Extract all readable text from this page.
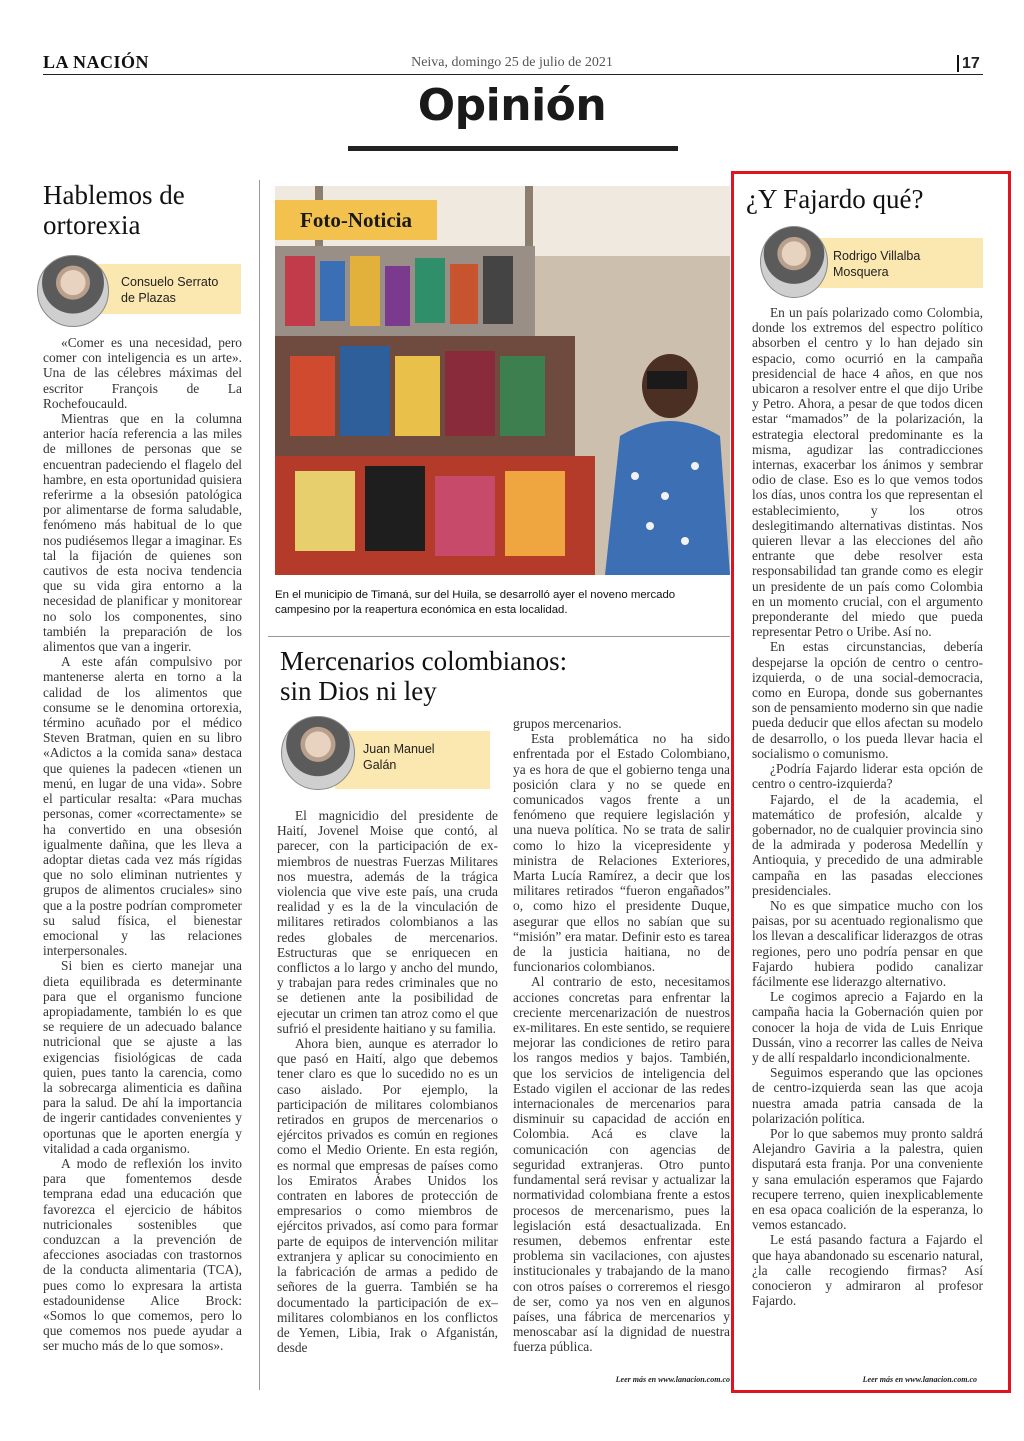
LA NACIÓN	Neiva, domingo 25 de julio de 2021	17
Opinión
Hablemos de
ortorexia
Consuelo Serrato
de Plazas

«Comer es una necesidad, pero comer con inteligencia es un arte». Una de las célebres máximas del escritor François de La Rochefoucauld.

Mientras que en la columna anterior hacía referencia a las miles de millones de personas que se encuentran padeciendo el flagelo del hambre, en esta oportunidad quisiera referirme a la obsesión patológica por alimentarse de forma saludable, fenómeno más habitual de lo que nos pudiésemos llegar a imaginar. Es tal la fijación de quienes son cautivos de esta nociva tendencia que su vida gira entorno a la necesidad de planificar y monitorear no solo los componentes, sino también la preparación de los alimentos que van a ingerir.

A este afán compulsivo por mantenerse alerta en torno a la calidad de los alimentos que consume se le denomina ortorexia, término acuñado por el médico Steven Bratman, quien en su libro «Adictos a la comida sana» destaca que quienes la padecen «tienen un menú, en lugar de una vida». Sobre el particular resalta: «Para muchas personas, comer «correctamente» se ha convertido en una obsesión igualmente dañina, que les lleva a adoptar dietas cada vez más rígidas que no solo eliminan nutrientes y grupos de alimentos cruciales» sino que a la postre podrían comprometer su salud física, el bienestar emocional y las relaciones interpersonales.

Si bien es cierto manejar una dieta equilibrada es determinante para que el organismo funcione apropiadamente, también lo es que se requiere de un adecuado balance nutricional que se ajuste a las exigencias fisiológicas de cada quien, pues tanto la carencia, como la sobrecarga alimenticia es dañina para la salud. De ahí la importancia de ingerir cantidades convenientes y oportunas que le aporten energía y vitalidad a cada organismo.

A modo de reflexión los invito para que fomentemos desde temprana edad una educación que favorezca el ejercicio de hábitos nutricionales sostenibles que conduzcan a la prevención de afecciones asociadas con trastornos de la conducta alimentaria (TCA), pues como lo expresara la artista estadounidense Alice Brock: «Somos lo que comemos, pero lo que comemos nos puede ayudar a ser mucho más de lo que somos».

Foto-Noticia
En el municipio de Timaná, sur del Huila, se desarrolló ayer el noveno mercado campesino por la reapertura económica en esta localidad.
Mercenarios colombianos:
sin Dios ni ley
Juan Manuel
Galán

El magnicidio del presidente de Haití, Jovenel Moise que contó, al parecer, con la participación de ex-miembros de nuestras Fuerzas Militares nos muestra, además de la trágica violencia que vive este país, una cruda realidad y es la de la vinculación de militares retirados colombianos a las redes globales de mercenarios. Estructuras que se enriquecen en conflictos a lo largo y ancho del mundo, y trabajan para redes criminales que no se detienen ante la posibilidad de ejecutar un crimen tan atroz como el que sufrió el presidente haitiano y su familia.

Ahora bien, aunque es aterrador lo que pasó en Haití, algo que debemos tener claro es que lo sucedido no es un caso aislado. Por ejemplo, la participación de militares colombianos retirados en grupos de mercenarios o ejércitos privados es común en regiones como el Medio Oriente. En esta región, es normal que empresas de países como los Emiratos Árabes Unidos los contraten en labores de protección de empresarios o como miembros de ejércitos privados, así como para formar parte de equipos de intervención militar extranjera y aplicar su conocimiento en la fabricación de armas a pedido de señores de la guerra. También se ha documentado la participación de ex–militares colombianos en los conflictos de Yemen, Libia, Irak o Afganistán, desde

grupos mercenarios.

Esta problemática no ha sido enfrentada por el Estado Colombiano, ya es hora de que el gobierno tenga una posición clara y no se quede en comunicados vagos frente a un fenómeno que requiere legislación y una nueva política. No se trata de salir como lo hizo la vicepresidente y ministra de Relaciones Exteriores, Marta Lucía Ramírez, a decir que los militares retirados “fueron engañados” o, como hizo el presidente Duque, asegurar que ellos no sabían que su “misión” era matar. Definir esto es tarea de la justicia haitiana, no de funcionarios colombianos.

Al contrario de esto, necesitamos acciones concretas para enfrentar la creciente mercenarización de nuestros ex-militares. En este sentido, se requiere mejorar las condiciones de retiro para los rangos medios y bajos. También, que los servicios de inteligencia del Estado vigilen el accionar de las redes internacionales de mercenarios para disminuir su capacidad de acción en Colombia. Acá es clave la comunicación con agencias de seguridad extranjeras. Otro punto fundamental será revisar y actualizar la normatividad colombiana frente a estos procesos de mercenarismo, pues la legislación está desactualizada. En resumen, debemos enfrentar este problema sin vacilaciones, con ajustes institucionales y trabajando de la mano con otros países o correremos el riesgo de ser, como ya nos ven en algunos países, una fábrica de mercenarios y menoscabar así la dignidad de nuestra fuerza pública.

Leer más en www.lanacion.com.co
¿Y Fajardo qué?
Rodrigo Villalba
Mosquera

En un país polarizado como Colombia, donde los extremos del espectro político absorben el centro y lo han dejado sin espacio, como ocurrió en la campaña presidencial de hace 4 años, en que nos ubicaron a resolver entre el que dijo Uribe y Petro. Ahora, a pesar de que todos dicen estar “mamados” de la polarización, la estrategia electoral predominante es la misma, agudizar las contradicciones internas, exacerbar los ánimos y sembrar odio de clase. Eso es lo que vemos todos los días, unos contra los que representan el establecimiento, y los otros deslegitimando alternativas distintas. Nos quieren llevar a las elecciones del año entrante que debe resolver esta responsabilidad tan grande como es elegir un presidente de un país como Colombia en un momento crucial, con el argumento preponderante del miedo que pueda representar Petro o Uribe. Así no.

En estas circunstancias, debería despejarse la opción de centro o centro-izquierda, o de una social-democracia, como en Europa, donde sus gobernantes son de pensamiento moderno sin que nadie pueda deducir que ellos afectan su modelo de desarrollo, o los pueda llevar hacia el socialismo o comunismo.

¿Podría Fajardo liderar esta opción de centro o centro-izquierda?

Fajardo, el de la academia, el matemático de profesión, alcalde y gobernador, no de cualquier provincia sino de la admirada y poderosa Medellín y Antioquia, y precedido de una admirable campaña en las pasadas elecciones presidenciales.

No es que simpatice mucho con los paisas, por su acentuado regionalismo que los llevan a descalificar liderazgos de otras regiones, pero uno podría pensar en que Fajardo hubiera podido canalizar fácilmente ese liderazgo alternativo.

Le cogimos aprecio a Fajardo en la campaña hacia la Gobernación quien por conocer la hoja de vida de Luis Enrique Dussán, vino a recorrer las calles de Neiva y de allí respaldarlo incondicionalmente.

Seguimos esperando que las opciones de centro-izquierda sean las que acoja nuestra amada patria cansada de la polarización política.

Por lo que sabemos muy pronto saldrá Alejandro Gaviria a la palestra, quien disputará esta franja. Por una conveniente y sana emulación esperamos que Fajardo recupere terreno, quien inexplicablemente en esa opaca coalición de la esperanza, lo vemos estancado.

Le está pasando factura a Fajardo el que haya abandonado su escenario natural, ¿la calle recogiendo firmas? Así conocieron y admiraron al profesor Fajardo.

Leer más en www.lanacion.com.co
